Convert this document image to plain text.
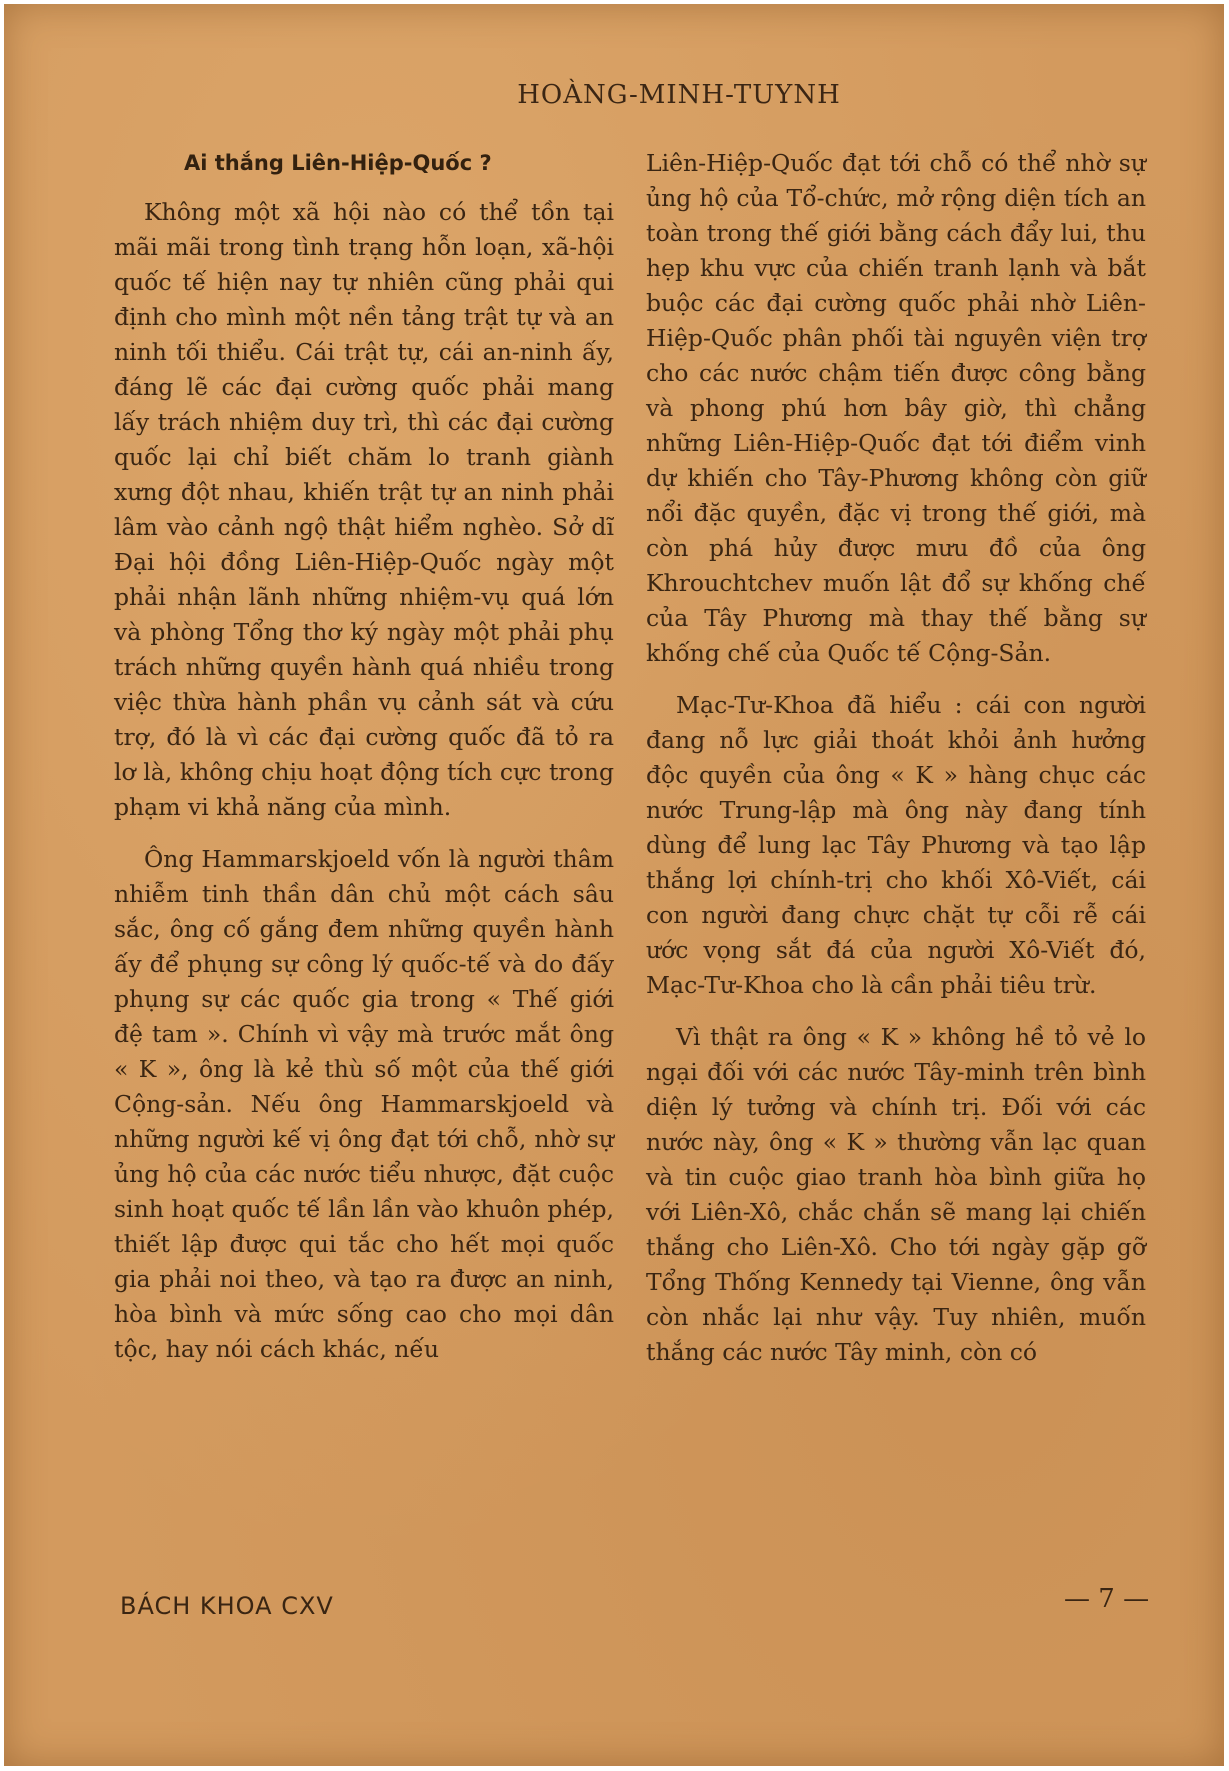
HOÀNG-MINH-TUYNH
Ai thắng Liên-Hiệp-Quốc ?

Không một xã hội nào có thể tồn tại mãi mãi trong tình trạng hỗn loạn, xã-hội quốc tế hiện nay tự nhiên cũng phải qui định cho mình một nền tảng trật tự và an ninh tối thiểu. Cái trật tự, cái an-ninh ấy, đáng lẽ các đại cường quốc phải mang lấy trách nhiệm duy trì, thì các đại cường quốc lại chỉ biết chăm lo tranh giành xưng đột nhau, khiến trật tự an ninh phải lâm vào cảnh ngộ thật hiểm nghèo. Sở dĩ Đại hội đồng Liên-Hiệp-Quốc ngày một phải nhận lãnh những nhiệm-vụ quá lớn và phòng Tổng thơ ký ngày một phải phụ trách những quyền hành quá nhiều trong việc thừa hành phần vụ cảnh sát và cứu trợ, đó là vì các đại cường quốc đã tỏ ra lơ là, không chịu hoạt động tích cực trong phạm vi khả năng của mình.

Ông Hammarskjoeld vốn là người thâm nhiễm tinh thần dân chủ một cách sâu sắc, ông cố gắng đem những quyền hành ấy để phụng sự công lý quốc-tế và do đấy phụng sự các quốc gia trong « Thế giới đệ tam ». Chính vì vậy mà trước mắt ông « K », ông là kẻ thù số một của thế giới Cộng-sản. Nếu ông Hammarskjoeld và những người kế vị ông đạt tới chỗ, nhờ sự ủng hộ của các nước tiểu nhược, đặt cuộc sinh hoạt quốc tế lần lần vào khuôn phép, thiết lập được qui tắc cho hết mọi quốc gia phải noi theo, và tạo ra được an ninh, hòa bình và mức sống cao cho mọi dân tộc, hay nói cách khác, nếu

Liên-Hiệp-Quốc đạt tới chỗ có thể nhờ sự ủng hộ của Tổ-chức, mở rộng diện tích an toàn trong thế giới bằng cách đẩy lui, thu hẹp khu vực của chiến tranh lạnh và bắt buộc các đại cường quốc phải nhờ Liên-Hiệp-Quốc phân phối tài nguyên viện trợ cho các nước chậm tiến được công bằng và phong phú hơn bây giờ, thì chẳng những Liên-Hiệp-Quốc đạt tới điểm vinh dự khiến cho Tây-Phương không còn giữ nổi đặc quyền, đặc vị trong thế giới, mà còn phá hủy được mưu đồ của ông Khrouchtchev muốn lật đổ sự khống chế của Tây Phương mà thay thế bằng sự khống chế của Quốc tế Cộng-Sản.

Mạc-Tư-Khoa đã hiểu : cái con người đang nỗ lực giải thoát khỏi ảnh hưởng độc quyền của ông « K » hàng chục các nước Trung-lập mà ông này đang tính dùng để lung lạc Tây Phương và tạo lập thắng lợi chính-trị cho khối Xô-Viết, cái con người đang chực chặt tự cỗi rễ cái ước vọng sắt đá của người Xô-Viết đó, Mạc-Tư-Khoa cho là cần phải tiêu trừ.

Vì thật ra ông « K » không hề tỏ vẻ lo ngại đối với các nước Tây-minh trên bình diện lý tưởng và chính trị. Đối với các nước này, ông « K » thường vẫn lạc quan và tin cuộc giao tranh hòa bình giữa họ với Liên-Xô, chắc chắn sẽ mang lại chiến thắng cho Liên-Xô. Cho tới ngày gặp gỡ Tổng Thống Kennedy tại Vienne, ông vẫn còn nhắc lại như vậy. Tuy nhiên, muốn thắng các nước Tây minh, còn có

BÁCH KHOA CXV	— 7 —
